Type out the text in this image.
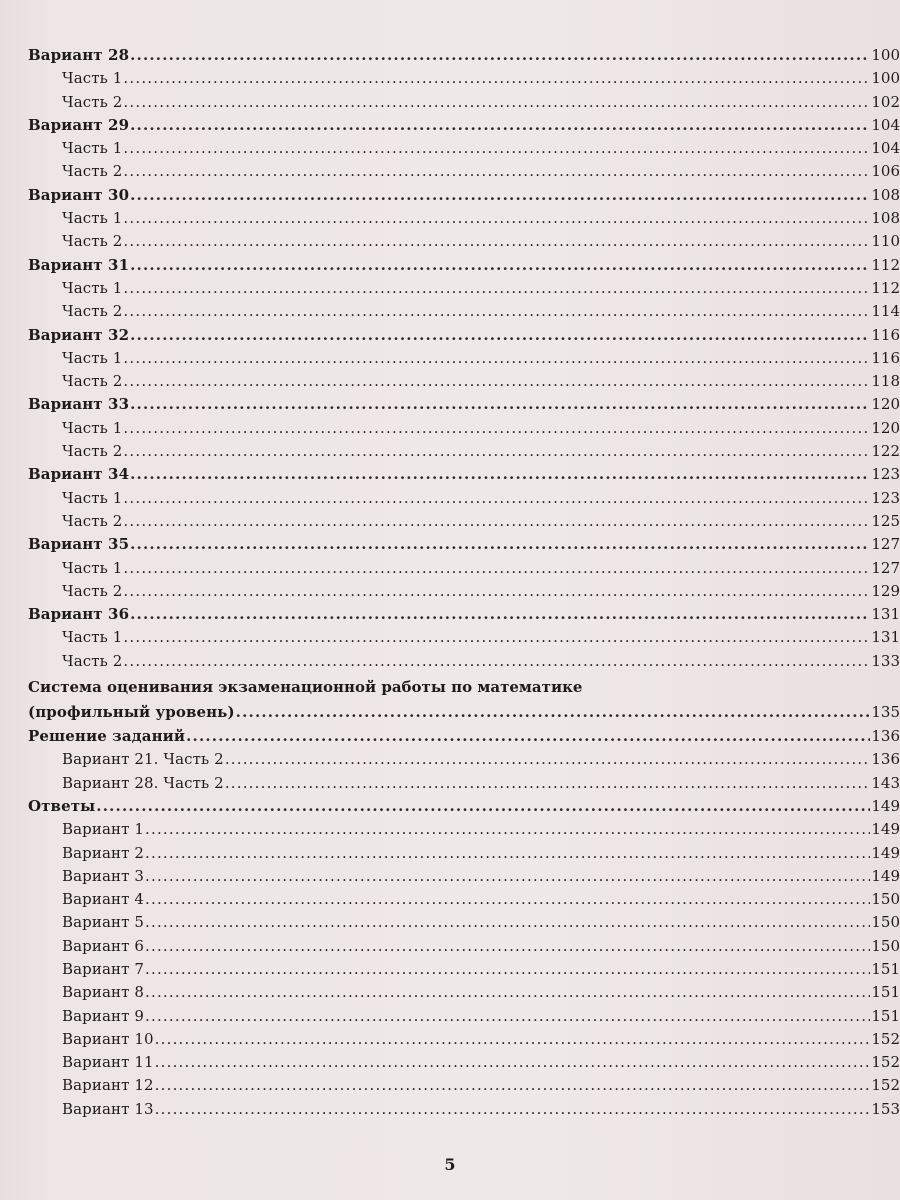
Вариант 28 .....	100
Часть 1 .....	100
Часть 2 .....	102
Вариант 29 .....	104
Часть 1 .....	104
Часть 2 .....	106
Вариант 30 .....	108
Часть 1 .....	108
Часть 2 .....	110
Вариант 31 .....	112
Часть 1 .....	112
Часть 2 .....	114
Вариант 32 .....	116
Часть 1 .....	116
Часть 2 .....	118
Вариант 33 .....	120
Часть 1 .....	120
Часть 2 .....	122
Вариант 34 .....	123
Часть 1 .....	123
Часть 2 .....	125
Вариант 35 .....	127
Часть 1 .....	127
Часть 2 .....	129
Вариант 36 .....	131
Часть 1 .....	131
Часть 2 .....	133
Система оценивания экзаменационной работы по математике
(профильный уровень) .....	135
Решение заданий .....	136
Вариант 21. Часть 2 .....	136
Вариант 28. Часть 2 .....	143
Ответы .....	149
Вариант 1 .....	149
Вариант 2 .....	149
Вариант 3 .....	149
Вариант 4 .....	150
Вариант 5 .....	150
Вариант 6 .....	150
Вариант 7 .....	151
Вариант 8 .....	151
Вариант 9 .....	151
Вариант 10 .....	152
Вариант 11 .....	152
Вариант 12 .....	152
Вариант 13 .....	153
5
